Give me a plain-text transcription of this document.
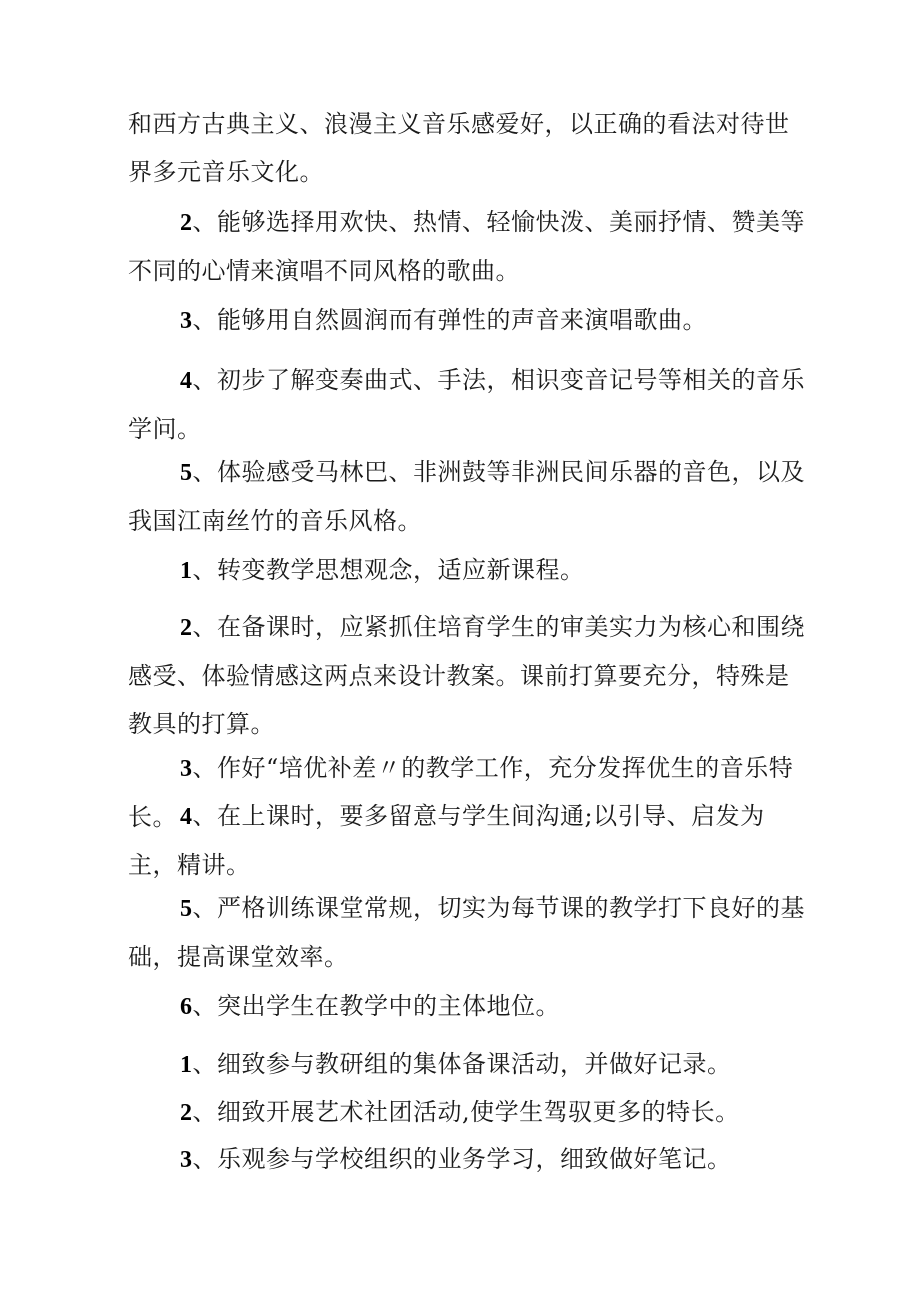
和西方古典主义、浪漫主义音乐感爱好，以正确的看法对待世界多元音乐文化。

2、能够选择用欢快、热情、轻愉快泼、美丽抒情、赞美等不同的心情来演唱不同风格的歌曲。

3、能够用自然圆润而有弹性的声音来演唱歌曲。

4、初步了解变奏曲式、手法，相识变音记号等相关的音乐学问。

5、体验感受马林巴、非洲鼓等非洲民间乐器的音色，以及我国江南丝竹的音乐风格。

1、转变教学思想观念，适应新课程。

2、在备课时，应紧抓住培育学生的审美实力为核心和围绕感受、体验情感这两点来设计教案。课前打算要充分，特殊是教具的打算。

3、作好“培优补差〃的教学工作，充分发挥优生的音乐特长。 4、在上课时，要多留意与学生间沟通;以引导、启发为主，精讲。

5、严格训练课堂常规，切实为每节课的教学打下良好的基础，提高课堂效率。

6、突出学生在教学中的主体地位。

1、细致参与教研组的集体备课活动，并做好记录。

2、细致开展艺术社团活动,使学生驾驭更多的特长。

3、乐观参与学校组织的业务学习，细致做好笔记。
